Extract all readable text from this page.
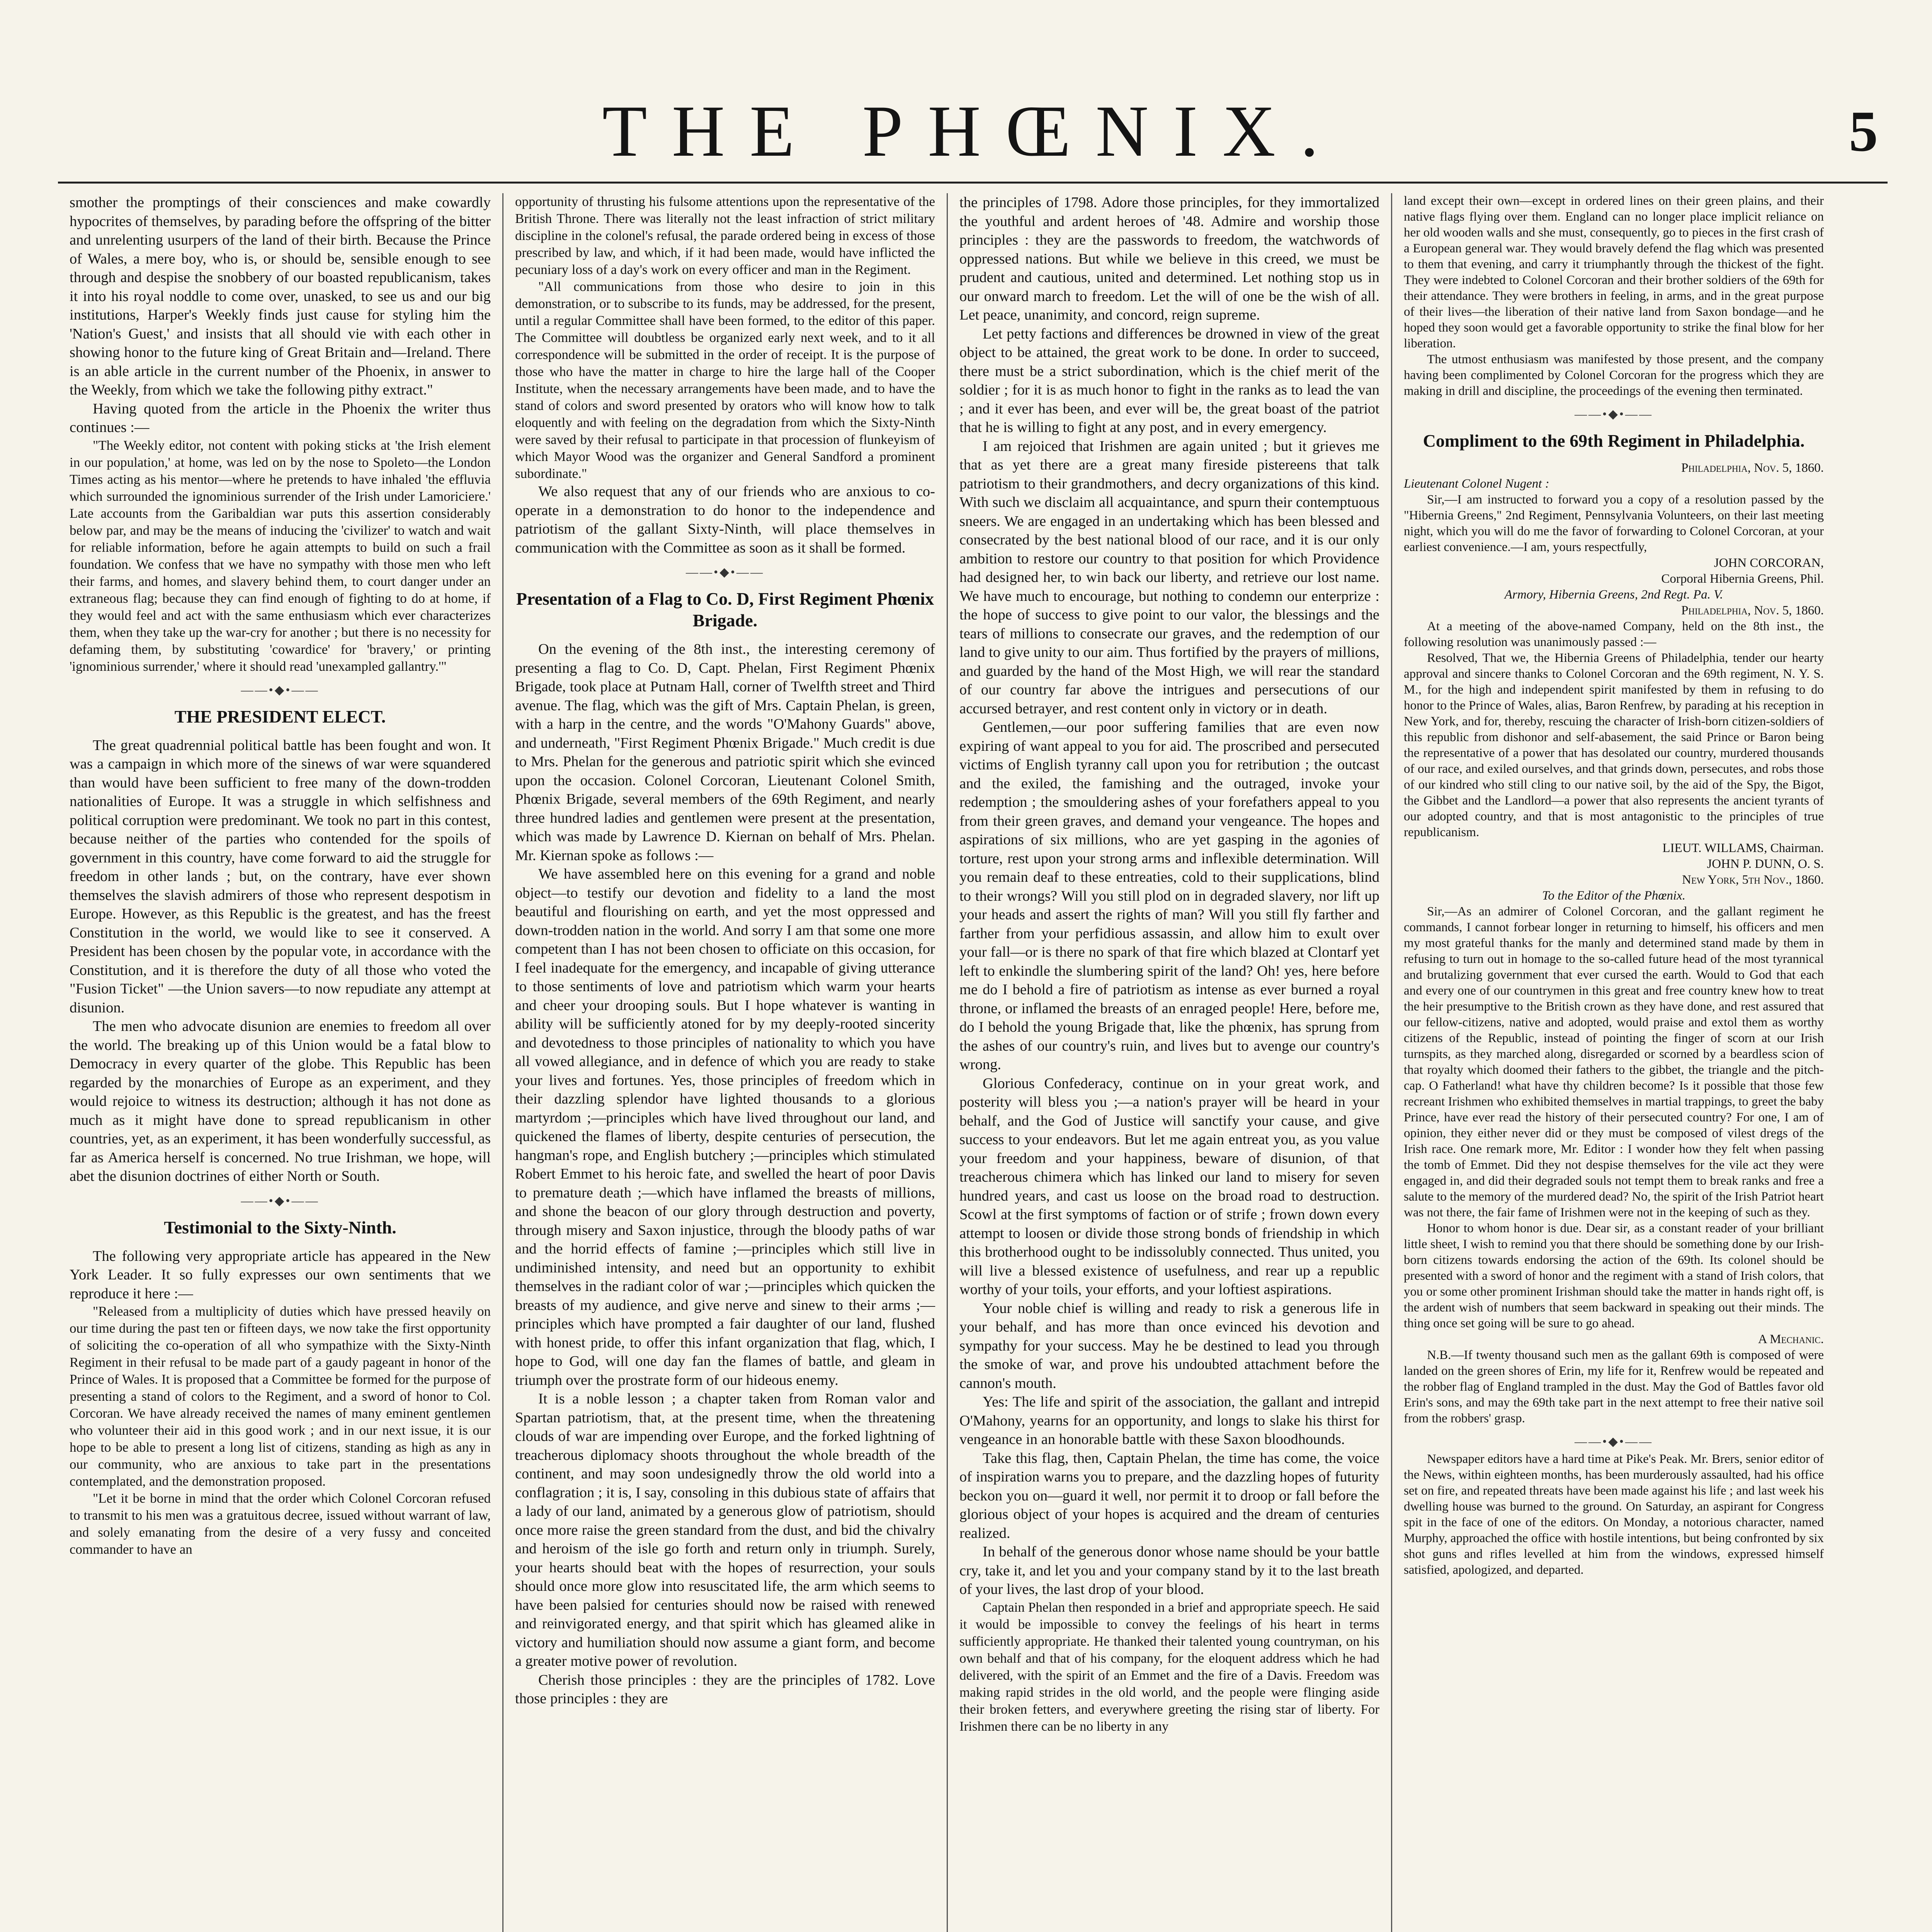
THE PHŒNIX.	5

smother the promptings of their consciences and make cowardly hypocrites of themselves, by parading before the offspring of the bitter and unrelenting usurpers of the land of their birth. Because the Prince of Wales, a mere boy, who is, or should be, sensible enough to see through and despise the snobbery of our boasted republicanism, takes it into his royal noddle to come over, unasked, to see us and our big institutions, Harper's Weekly finds just cause for styling him the 'Nation's Guest,' and insists that all should vie with each other in showing honor to the future king of Great Britain and—Ireland. There is an able article in the current number of the Phoenix, in answer to the Weekly, from which we take the following pithy extract."

Having quoted from the article in the Phoenix the writer thus continues :—

"The Weekly editor, not content with poking sticks at 'the Irish element in our population,' at home, was led on by the nose to Spoleto—the London Times acting as his mentor—where he pretends to have inhaled 'the effluvia which surrounded the ignominious surrender of the Irish under Lamoriciere.' Late accounts from the Garibaldian war puts this assertion considerably below par, and may be the means of inducing the 'civilizer' to watch and wait for reliable information, before he again attempts to build on such a frail foundation. We confess that we have no sympathy with those men who left their farms, and homes, and slavery behind them, to court danger under an extraneous flag; because they can find enough of fighting to do at home, if they would feel and act with the same enthusiasm which ever characterizes them, when they take up the war-cry for another ; but there is no necessity for defaming them, by substituting 'cowardice' for 'bravery,' or printing 'ignominious surrender,' where it should read 'unexampled gallantry.'"

——•◆•——
THE PRESIDENT ELECT.

The great quadrennial political battle has been fought and won. It was a campaign in which more of the sinews of war were squandered than would have been sufficient to free many of the down-trodden nationalities of Europe. It was a struggle in which selfishness and political corruption were predominant. We took no part in this contest, because neither of the parties who contended for the spoils of government in this country, have come forward to aid the struggle for freedom in other lands ; but, on the contrary, have ever shown themselves the slavish admirers of those who represent despotism in Europe. However, as this Republic is the greatest, and has the freest Constitution in the world, we would like to see it conserved. A President has been chosen by the popular vote, in accordance with the Constitution, and it is therefore the duty of all those who voted the "Fusion Ticket" —the Union savers—to now repudiate any attempt at disunion.

The men who advocate disunion are enemies to freedom all over the world. The breaking up of this Union would be a fatal blow to Democracy in every quarter of the globe. This Republic has been regarded by the monarchies of Europe as an experiment, and they would rejoice to witness its destruction; although it has not done as much as it might have done to spread republicanism in other countries, yet, as an experiment, it has been wonderfully successful, as far as America herself is concerned. No true Irishman, we hope, will abet the disunion doctrines of either North or South.

——•◆•——
Testimonial to the Sixty-Ninth.

The following very appropriate article has appeared in the New York Leader. It so fully expresses our own sentiments that we reproduce it here :—

"Released from a multiplicity of duties which have pressed heavily on our time during the past ten or fifteen days, we now take the first opportunity of soliciting the co-operation of all who sympathize with the Sixty-Ninth Regiment in their refusal to be made part of a gaudy pageant in honor of the Prince of Wales. It is proposed that a Committee be formed for the purpose of presenting a stand of colors to the Regiment, and a sword of honor to Col. Corcoran. We have already received the names of many eminent gentlemen who volunteer their aid in this good work ; and in our next issue, it is our hope to be able to present a long list of citizens, standing as high as any in our community, who are anxious to take part in the presentations contemplated, and the demonstration proposed.

"Let it be borne in mind that the order which Colonel Corcoran refused to transmit to his men was a gratuitous decree, issued without warrant of law, and solely emanating from the desire of a very fussy and conceited commander to have an

opportunity of thrusting his fulsome attentions upon the representative of the British Throne. There was literally not the least infraction of strict military discipline in the colonel's refusal, the parade ordered being in excess of those prescribed by law, and which, if it had been made, would have inflicted the pecuniary loss of a day's work on every officer and man in the Regiment.

"All communications from those who desire to join in this demonstration, or to subscribe to its funds, may be addressed, for the present, until a regular Committee shall have been formed, to the editor of this paper. The Committee will doubtless be organized early next week, and to it all correspondence will be submitted in the order of receipt. It is the purpose of those who have the matter in charge to hire the large hall of the Cooper Institute, when the necessary arrangements have been made, and to have the stand of colors and sword presented by orators who will know how to talk eloquently and with feeling on the degradation from which the Sixty-Ninth were saved by their refusal to participate in that procession of flunkeyism of which Mayor Wood was the organizer and General Sandford a prominent subordinate."

We also request that any of our friends who are anxious to co-operate in a demonstration to do honor to the independence and patriotism of the gallant Sixty-Ninth, will place themselves in communication with the Committee as soon as it shall be formed.

——•◆•——
Presentation of a Flag to Co. D, First Regiment Phœnix Brigade.

On the evening of the 8th inst., the interesting ceremony of presenting a flag to Co. D, Capt. Phelan, First Regiment Phœnix Brigade, took place at Putnam Hall, corner of Twelfth street and Third avenue. The flag, which was the gift of Mrs. Captain Phelan, is green, with a harp in the centre, and the words "O'Mahony Guards" above, and underneath, "First Regiment Phœnix Brigade." Much credit is due to Mrs. Phelan for the generous and patriotic spirit which she evinced upon the occasion. Colonel Corcoran, Lieutenant Colonel Smith, Phœnix Brigade, several members of the 69th Regiment, and nearly three hundred ladies and gentlemen were present at the presentation, which was made by Lawrence D. Kiernan on behalf of Mrs. Phelan. Mr. Kiernan spoke as follows :—

We have assembled here on this evening for a grand and noble object—to testify our devotion and fidelity to a land the most beautiful and flourishing on earth, and yet the most oppressed and down-trodden nation in the world. And sorry I am that some one more competent than I has not been chosen to officiate on this occasion, for I feel inadequate for the emergency, and incapable of giving utterance to those sentiments of love and patriotism which warm your hearts and cheer your drooping souls. But I hope whatever is wanting in ability will be sufficiently atoned for by my deeply-rooted sincerity and devotedness to those principles of nationality to which you have all vowed allegiance, and in defence of which you are ready to stake your lives and fortunes. Yes, those principles of freedom which in their dazzling splendor have lighted thousands to a glorious martyrdom ;—principles which have lived throughout our land, and quickened the flames of liberty, despite centuries of persecution, the hangman's rope, and English butchery ;—principles which stimulated Robert Emmet to his heroic fate, and swelled the heart of poor Davis to premature death ;—which have inflamed the breasts of millions, and shone the beacon of our glory through destruction and poverty, through misery and Saxon injustice, through the bloody paths of war and the horrid effects of famine ;—principles which still live in undiminished intensity, and need but an opportunity to exhibit themselves in the radiant color of war ;—principles which quicken the breasts of my audience, and give nerve and sinew to their arms ;—principles which have prompted a fair daughter of our land, flushed with honest pride, to offer this infant organization that flag, which, I hope to God, will one day fan the flames of battle, and gleam in triumph over the prostrate form of our hideous enemy.

It is a noble lesson ; a chapter taken from Roman valor and Spartan patriotism, that, at the present time, when the threatening clouds of war are impending over Europe, and the forked lightning of treacherous diplomacy shoots throughout the whole breadth of the continent, and may soon undesignedly throw the old world into a conflagration ; it is, I say, consoling in this dubious state of affairs that a lady of our land, animated by a generous glow of patriotism, should once more raise the green standard from the dust, and bid the chivalry and heroism of the isle go forth and return only in triumph. Surely, your hearts should beat with the hopes of resurrection, your souls should once more glow into resuscitated life, the arm which seems to have been palsied for centuries should now be raised with renewed and reinvigorated energy, and that spirit which has gleamed alike in victory and humiliation should now assume a giant form, and become a greater motive power of revolution.

Cherish those principles : they are the principles of 1782. Love those principles : they are

the principles of 1798. Adore those principles, for they immortalized the youthful and ardent heroes of '48. Admire and worship those principles : they are the passwords to freedom, the watchwords of oppressed nations. But while we believe in this creed, we must be prudent and cautious, united and determined. Let nothing stop us in our onward march to freedom. Let the will of one be the wish of all. Let peace, unanimity, and concord, reign supreme.

Let petty factions and differences be drowned in view of the great object to be attained, the great work to be done. In order to succeed, there must be a strict subordination, which is the chief merit of the soldier ; for it is as much honor to fight in the ranks as to lead the van ; and it ever has been, and ever will be, the great boast of the patriot that he is willing to fight at any post, and in every emergency.

I am rejoiced that Irishmen are again united ; but it grieves me that as yet there are a great many fireside pistereens that talk patriotism to their grandmothers, and decry organizations of this kind. With such we disclaim all acquaintance, and spurn their contemptuous sneers. We are engaged in an undertaking which has been blessed and consecrated by the best national blood of our race, and it is our only ambition to restore our country to that position for which Providence had designed her, to win back our liberty, and retrieve our lost name. We have much to encourage, but nothing to condemn our enterprize : the hope of success to give point to our valor, the blessings and the tears of millions to consecrate our graves, and the redemption of our land to give unity to our aim. Thus fortified by the prayers of millions, and guarded by the hand of the Most High, we will rear the standard of our country far above the intrigues and persecutions of our accursed betrayer, and rest content only in victory or in death.

Gentlemen,—our poor suffering families that are even now expiring of want appeal to you for aid. The proscribed and persecuted victims of English tyranny call upon you for retribution ; the outcast and the exiled, the famishing and the outraged, invoke your redemption ; the smouldering ashes of your forefathers appeal to you from their green graves, and demand your vengeance. The hopes and aspirations of six millions, who are yet gasping in the agonies of torture, rest upon your strong arms and inflexible determination. Will you remain deaf to these entreaties, cold to their supplications, blind to their wrongs? Will you still plod on in degraded slavery, nor lift up your heads and assert the rights of man? Will you still fly farther and farther from your perfidious assassin, and allow him to exult over your fall—or is there no spark of that fire which blazed at Clontarf yet left to enkindle the slumbering spirit of the land? Oh! yes, here before me do I behold a fire of patriotism as intense as ever burned a royal throne, or inflamed the breasts of an enraged people! Here, before me, do I behold the young Brigade that, like the phœnix, has sprung from the ashes of our country's ruin, and lives but to avenge our country's wrong.

Glorious Confederacy, continue on in your great work, and posterity will bless you ;—a nation's prayer will be heard in your behalf, and the God of Justice will sanctify your cause, and give success to your endeavors. But let me again entreat you, as you value your freedom and your happiness, beware of disunion, of that treacherous chimera which has linked our land to misery for seven hundred years, and cast us loose on the broad road to destruction. Scowl at the first symptoms of faction or of strife ; frown down every attempt to loosen or divide those strong bonds of friendship in which this brotherhood ought to be indissolubly connected. Thus united, you will live a blessed existence of usefulness, and rear up a republic worthy of your toils, your efforts, and your loftiest aspirations.

Your noble chief is willing and ready to risk a generous life in your behalf, and has more than once evinced his devotion and sympathy for your success. May he be destined to lead you through the smoke of war, and prove his undoubted attachment before the cannon's mouth.

Yes: The life and spirit of the association, the gallant and intrepid O'Mahony, yearns for an opportunity, and longs to slake his thirst for vengeance in an honorable battle with these Saxon bloodhounds.

Take this flag, then, Captain Phelan, the time has come, the voice of inspiration warns you to prepare, and the dazzling hopes of futurity beckon you on—guard it well, nor permit it to droop or fall before the glorious object of your hopes is acquired and the dream of centuries realized.

In behalf of the generous donor whose name should be your battle cry, take it, and let you and your company stand by it to the last breath of your lives, the last drop of your blood.

Captain Phelan then responded in a brief and appropriate speech. He said it would be impossible to convey the feelings of his heart in terms sufficiently appropriate. He thanked their talented young countryman, on his own behalf and that of his company, for the eloquent address which he had delivered, with the spirit of an Emmet and the fire of a Davis. Freedom was making rapid strides in the old world, and the people were flinging aside their broken fetters, and everywhere greeting the rising star of liberty. For Irishmen there can be no liberty in any

land except their own—except in ordered lines on their green plains, and their native flags flying over them. England can no longer place implicit reliance on her old wooden walls and she must, consequently, go to pieces in the first crash of a European general war. They would bravely defend the flag which was presented to them that evening, and carry it triumphantly through the thickest of the fight. They were indebted to Colonel Corcoran and their brother soldiers of the 69th for their attendance. They were brothers in feeling, in arms, and in the great purpose of their lives—the liberation of their native land from Saxon bondage—and he hoped they soon would get a favorable opportunity to strike the final blow for her liberation.

The utmost enthusiasm was manifested by those present, and the company having been complimented by Colonel Corcoran for the progress which they are making in drill and discipline, the proceedings of the evening then terminated.

——•◆•——
Compliment to the 69th Regiment in Philadelphia.
Philadelphia, Nov. 5, 1860.
Lieutenant Colonel Nugent :

Sir,—I am instructed to forward you a copy of a resolution passed by the "Hibernia Greens," 2nd Regiment, Pennsylvania Volunteers, on their last meeting night, which you will do me the favor of forwarding to Colonel Corcoran, at your earliest convenience.—I am, yours respectfully,

JOHN CORCORAN,
Corporal Hibernia Greens, Phil.
Armory, Hibernia Greens, 2nd Regt. Pa. V.
Philadelphia, Nov. 5, 1860.

At a meeting of the above-named Company, held on the 8th inst., the following resolution was unanimously passed :—

Resolved, That we, the Hibernia Greens of Philadelphia, tender our hearty approval and sincere thanks to Colonel Corcoran and the 69th regiment, N. Y. S. M., for the high and independent spirit manifested by them in refusing to do honor to the Prince of Wales, alias, Baron Renfrew, by parading at his reception in New York, and for, thereby, rescuing the character of Irish-born citizen-soldiers of this republic from dishonor and self-abasement, the said Prince or Baron being the representative of a power that has desolated our country, murdered thousands of our race, and exiled ourselves, and that grinds down, persecutes, and robs those of our kindred who still cling to our native soil, by the aid of the Spy, the Bigot, the Gibbet and the Landlord—a power that also represents the ancient tyrants of our adopted country, and that is most antagonistic to the principles of true republicanism.

LIEUT. WILLAMS, Chairman.
JOHN P. DUNN, O. S.
New York, 5th Nov., 1860.
To the Editor of the Phœnix.

Sir,—As an admirer of Colonel Corcoran, and the gallant regiment he commands, I cannot forbear longer in returning to himself, his officers and men my most grateful thanks for the manly and determined stand made by them in refusing to turn out in homage to the so-called future head of the most tyrannical and brutalizing government that ever cursed the earth. Would to God that each and every one of our countrymen in this great and free country knew how to treat the heir presumptive to the British crown as they have done, and rest assured that our fellow-citizens, native and adopted, would praise and extol them as worthy citizens of the Republic, instead of pointing the finger of scorn at our Irish turnspits, as they marched along, disregarded or scorned by a beardless scion of that royalty which doomed their fathers to the gibbet, the triangle and the pitch-cap. O Fatherland! what have thy children become? Is it possible that those few recreant Irishmen who exhibited themselves in martial trappings, to greet the baby Prince, have ever read the history of their persecuted country? For one, I am of opinion, they either never did or they must be composed of vilest dregs of the Irish race. One remark more, Mr. Editor : I wonder how they felt when passing the tomb of Emmet. Did they not despise themselves for the vile act they were engaged in, and did their degraded souls not tempt them to break ranks and free a salute to the memory of the murdered dead? No, the spirit of the Irish Patriot heart was not there, the fair fame of Irishmen were not in the keeping of such as they.

Honor to whom honor is due. Dear sir, as a constant reader of your brilliant little sheet, I wish to remind you that there should be something done by our Irish-born citizens towards endorsing the action of the 69th. Its colonel should be presented with a sword of honor and the regiment with a stand of Irish colors, that you or some other prominent Irishman should take the matter in hands right off, is the ardent wish of numbers that seem backward in speaking out their minds. The thing once set going will be sure to go ahead.

A Mechanic.

N.B.—If twenty thousand such men as the gallant 69th is composed of were landed on the green shores of Erin, my life for it, Renfrew would be repeated and the robber flag of England trampled in the dust. May the God of Battles favor old Erin's sons, and may the 69th take part in the next attempt to free their native soil from the robbers' grasp.

——•◆•——

Newspaper editors have a hard time at Pike's Peak. Mr. Brers, senior editor of the News, within eighteen months, has been murderously assaulted, had his office set on fire, and repeated threats have been made against his life ; and last week his dwelling house was burned to the ground. On Saturday, an aspirant for Congress spit in the face of one of the editors. On Monday, a notorious character, named Murphy, approached the office with hostile intentions, but being confronted by six shot guns and rifles levelled at him from the windows, expressed himself satisfied, apologized, and departed.
